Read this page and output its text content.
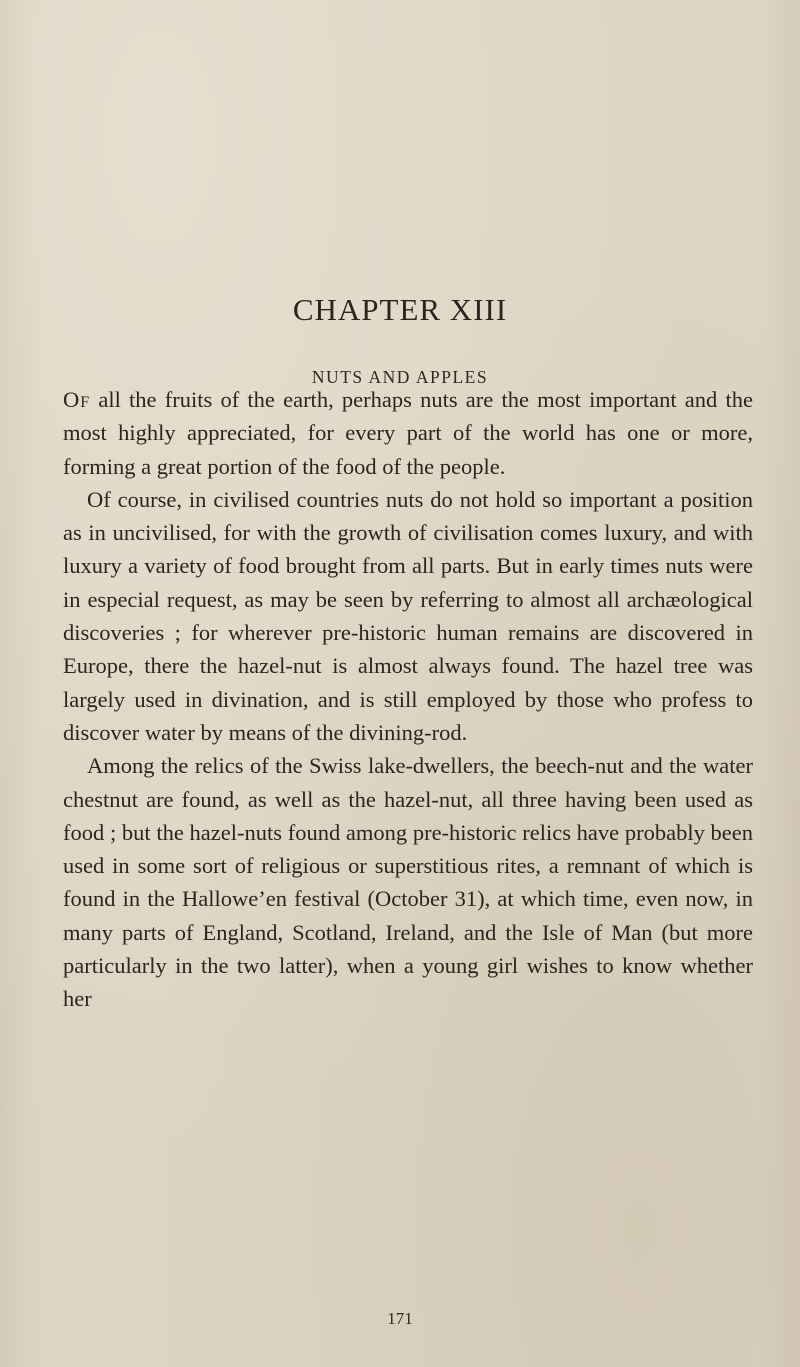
CHAPTER XIII
NUTS AND APPLES

Of all the fruits of the earth, perhaps nuts are the most important and the most highly appreciated, for every part of the world has one or more, forming a great portion of the food of the people.

Of course, in civilised countries nuts do not hold so important a position as in uncivilised, for with the growth of civilisation comes luxury, and with luxury a variety of food brought from all parts. But in early times nuts were in especial request, as may be seen by referring to almost all archæological discoveries ; for wherever pre-historic human remains are discovered in Europe, there the hazel-nut is almost always found. The hazel tree was largely used in divination, and is still employed by those who profess to discover water by means of the divining-rod.

Among the relics of the Swiss lake-dwellers, the beech-nut and the water chestnut are found, as well as the hazel-nut, all three having been used as food ; but the hazel-nuts found among pre-historic relics have probably been used in some sort of religious or superstitious rites, a remnant of which is found in the Hallowe’en festival (October 31), at which time, even now, in many parts of England, Scotland, Ireland, and the Isle of Man (but more particularly in the two latter), when a young girl wishes to know whether her

171
